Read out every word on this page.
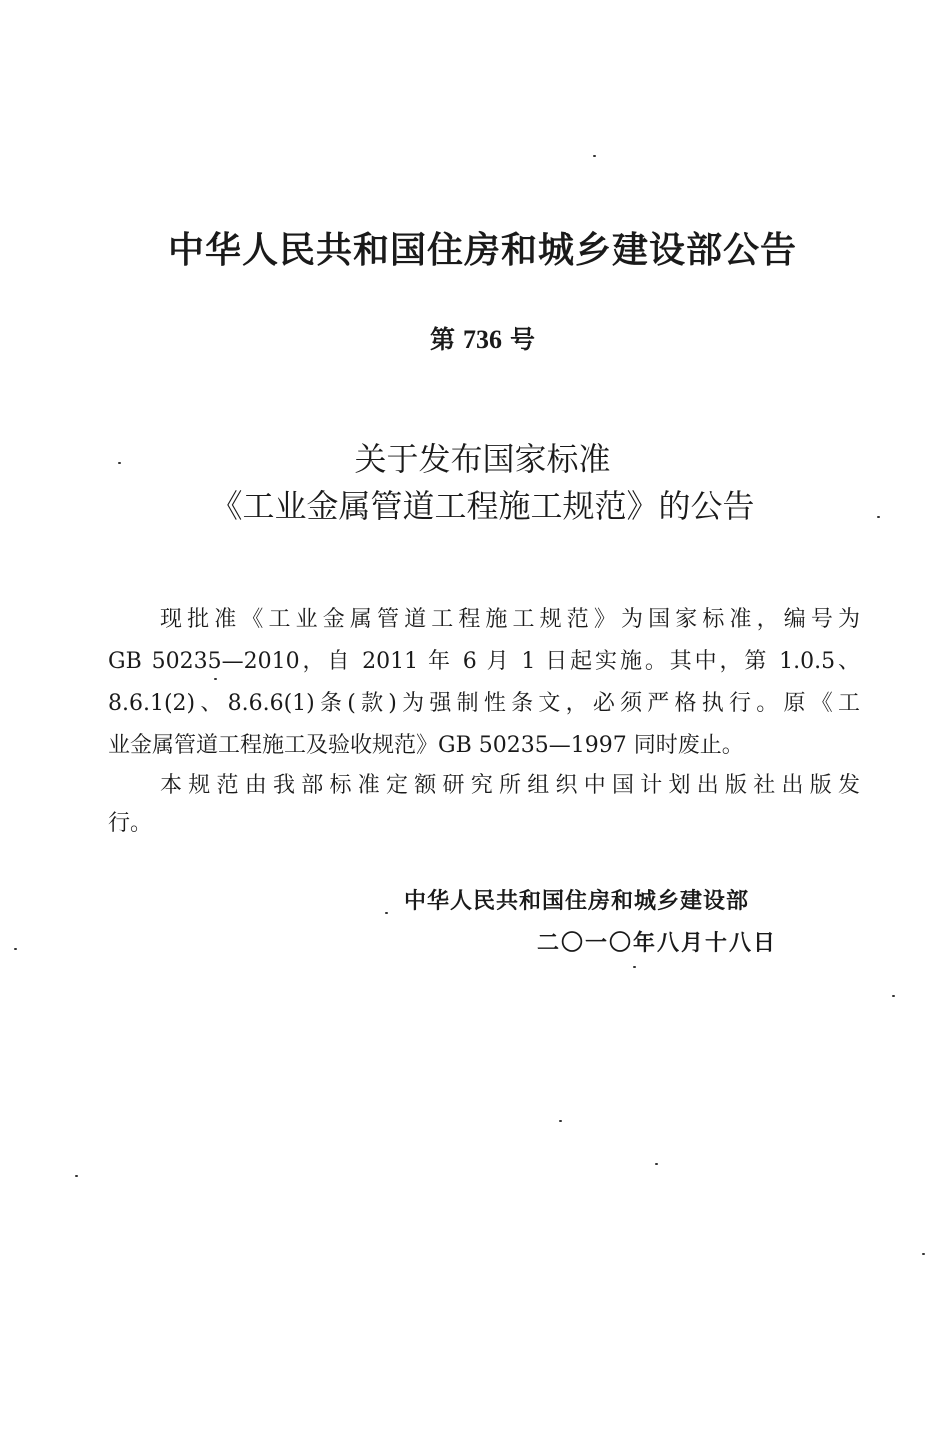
中华人民共和国住房和城乡建设部公告
第 736 号
关于发布国家标准
《工业金属管道工程施工规范》的公告
现批准《工业金属管道工程施工规范》为国家标准，编号为
GB 50235—2010，自 2011 年 6 月 1 日起实施。其中，第 1.0.5、
8.6.1(2)、8.6.6(1)条(款)为强制性条文，必须严格执行。原《工
业金属管道工程施工及验收规范》GB 50235—1997 同时废止。
本规范由我部标准定额研究所组织中国计划出版社出版发
行。
中华人民共和国住房和城乡建设部
二〇一〇年八月十八日
